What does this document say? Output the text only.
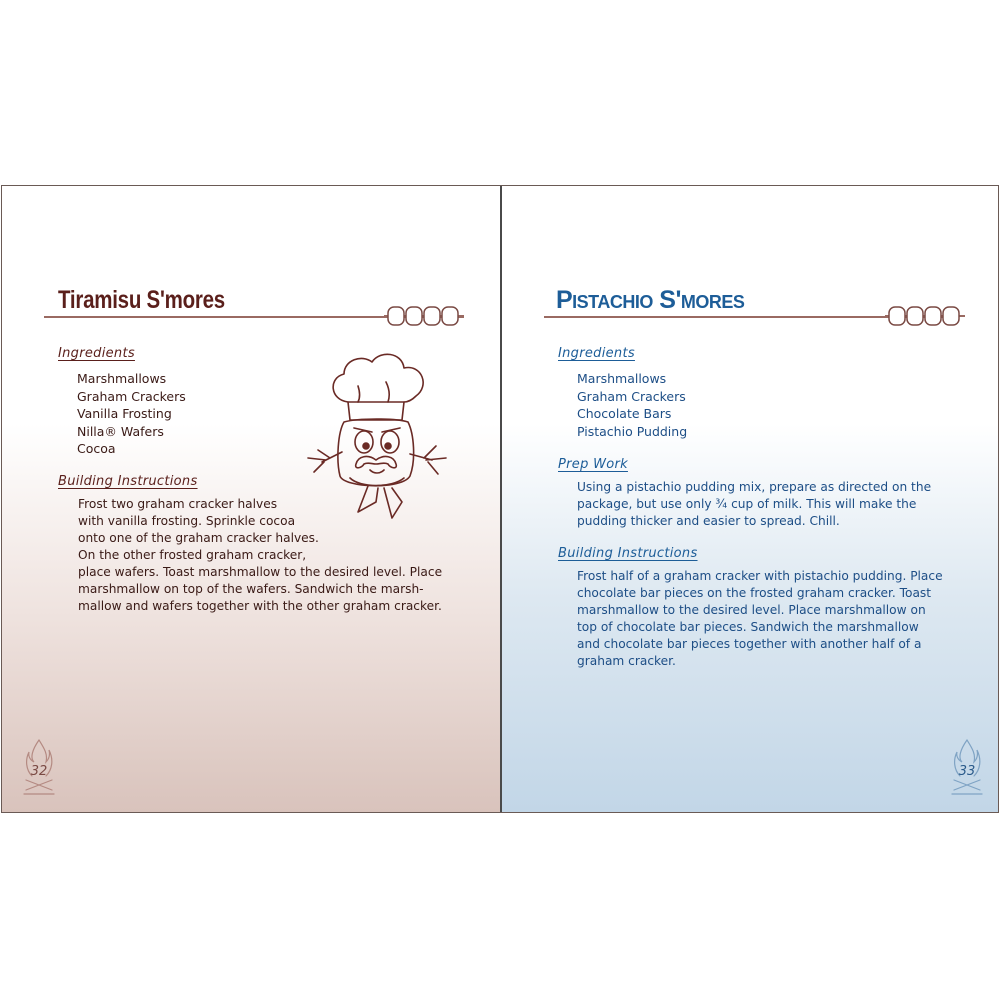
Tiramisu S'mores
Ingredients
Marshmallows
Graham Crackers
Vanilla Frosting
Nilla® Wafers
Cocoa
Building Instructions

Frost two graham cracker halves
with vanilla frosting. Sprinkle cocoa
onto one of the graham cracker halves.
On the other frosted graham cracker,
place wafers. Toast marshmallow to the desired level. Place
marshmallow on top of the wafers. Sandwich the marsh-
mallow and wafers together with the other graham cracker.

32
Pistachio S'mores
Ingredients
Marshmallows
Graham Crackers
Chocolate Bars
Pistachio Pudding
Prep Work

Using a pistachio pudding mix, prepare as directed on the
package, but use only ¾ cup of milk. This will make the
pudding thicker and easier to spread. Chill.

Building Instructions

Frost half of a graham cracker with pistachio pudding. Place
chocolate bar pieces on the frosted graham cracker. Toast
marshmallow to the desired level. Place marshmallow on
top of chocolate bar pieces. Sandwich the marshmallow
and chocolate bar pieces together with another half of a
graham cracker.

33
